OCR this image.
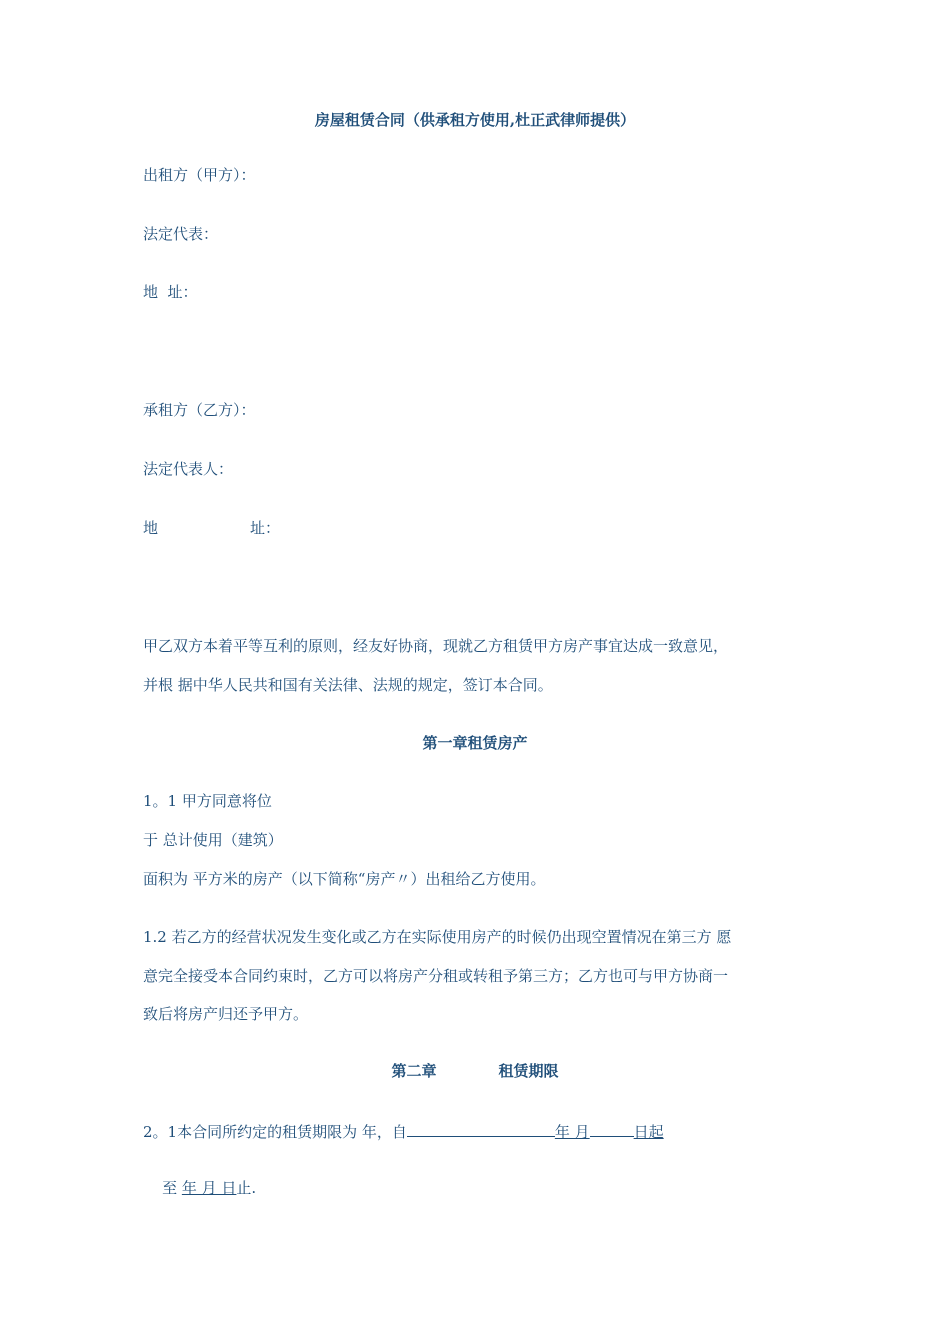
房屋租赁合同（供承租方使用,杜正武律师提供）
出租方（甲方）：
法定代表：
地  址：
承租方（乙方）：
法定代表人：
地	址：
甲乙双方本着平等互利的原则，经友好协商，现就乙方租赁甲方房产事宜达成一致意见，
并根 据中华人民共和国有关法律、法规的规定，签订本合同。
第一章租赁房产
1。1 甲方同意将位
于 总计使用（建筑）
面积为 平方米的房产（以下简称“房产〃）出租给乙方使用。
1.2 若乙方的经营状况发生变化或乙方在实际使用房产的时候仍出现空置情况在第三方 愿
意完全接受本合同约束时，乙方可以将房产分租或转租予第三方；乙方也可与甲方协商一
致后将房产归还予甲方。
第二章	租赁期限
2。1本合同所约定的租赁期限为 年，自	年 月	日起

至 年 月 日止.
